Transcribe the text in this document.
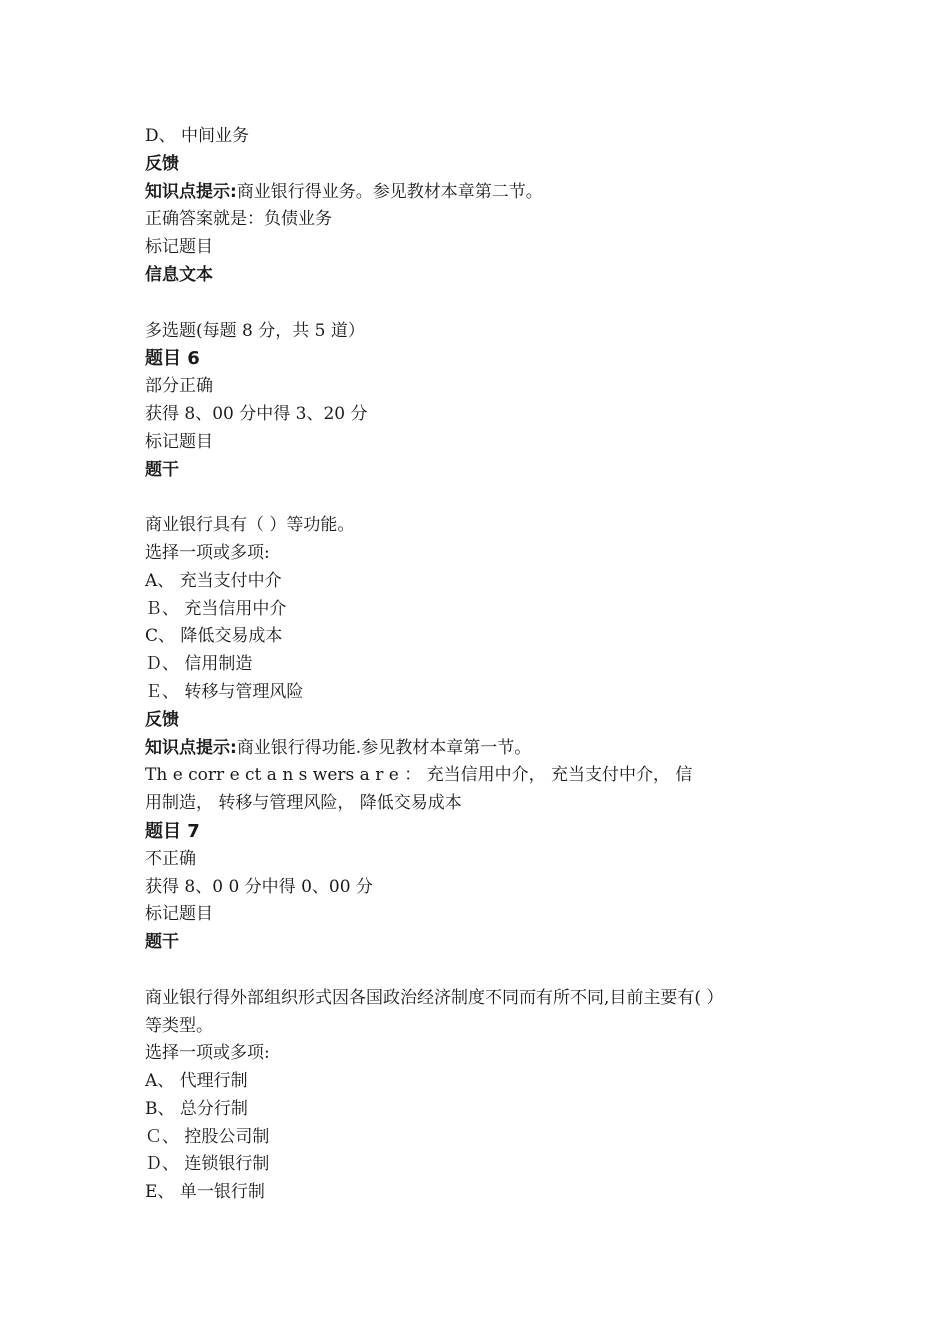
D、 中间业务
反馈
知识点提示:商业银行得业务。参见教材本章第二节。
正确答案就是：负债业务
标记题目
信息文本
多选题(每题 8 分，共 5 道）
题目 6
部分正确
获得 8、00 分中得 3、20 分
标记题目
题干
商业银行具有（ ）等功能。
选择一项或多项:
A、 充当支付中介
Ｂ、 充当信用中介
C、 降低交易成本
Ｄ、 信用制造
Ｅ、 转移与管理风险
反馈
知识点提示:商业银行得功能.参见教材本章第一节。
Th e corr e ct a n s wers a r e ： 充当信用中介， 充当支付中介， 信
用制造， 转移与管理风险， 降低交易成本
题目 7
不正确
获得 8、0 0 分中得 0、00 分
标记题目
题干
商业银行得外部组织形式因各国政治经济制度不同而有所不同,目前主要有( ）
等类型。
选择一项或多项:
A、 代理行制
B、 总分行制
Ｃ、 控股公司制
Ｄ、 连锁银行制
E、 单一银行制
